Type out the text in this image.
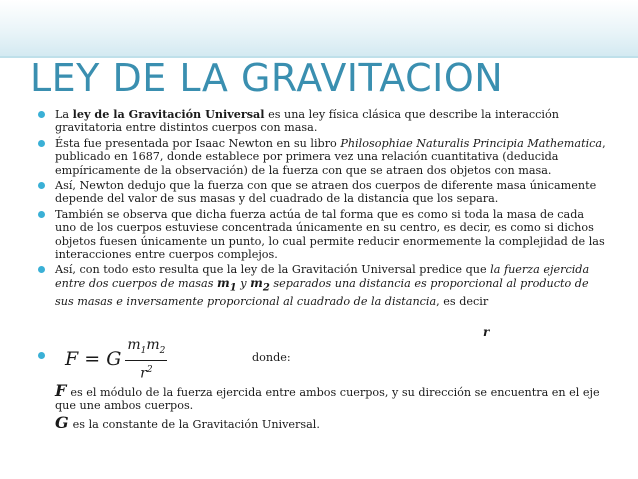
LEY DE LA GRAVITACION
La ley de la Gravitación Universal es una ley física clásica que describe la interacción gravitatoria entre distintos cuerpos con masa.
Ésta fue presentada por Isaac Newton en su libro Philosophiae Naturalis Principia Mathematica, publicado en 1687, donde establece por primera vez una relación cuantitativa (deducida empíricamente de la observación) de la fuerza con que se atraen dos objetos con masa.
Así, Newton dedujo que la fuerza con que se atraen dos cuerpos de diferente masa únicamente depende del valor de sus masas y del cuadrado de la distancia que los separa.
También se observa que dicha fuerza actúa de tal forma que es como si toda la masa de cada uno de los cuerpos estuviese concentrada únicamente en su centro, es decir, es como si dichos objetos fuesen únicamente un punto, lo cual permite reducir enormemente la complejidad de las interacciones entre cuerpos complejos.
Así, con todo esto resulta que la ley de la Gravitación Universal predice que la fuerza ejercida entre dos cuerpos de masas $m_1$ y $m_2$ separados una distancia es proporcional al producto de sus masas e inversamente proporcional al cuadrado de la distancia, es decir
r
F = G $\frac{m_1m_2}{r^2}$	donde:
F es el módulo de la fuerza ejercida entre ambos cuerpos, y su dirección se encuentra en el eje que une ambos cuerpos.
G es la constante de la Gravitación Universal.
